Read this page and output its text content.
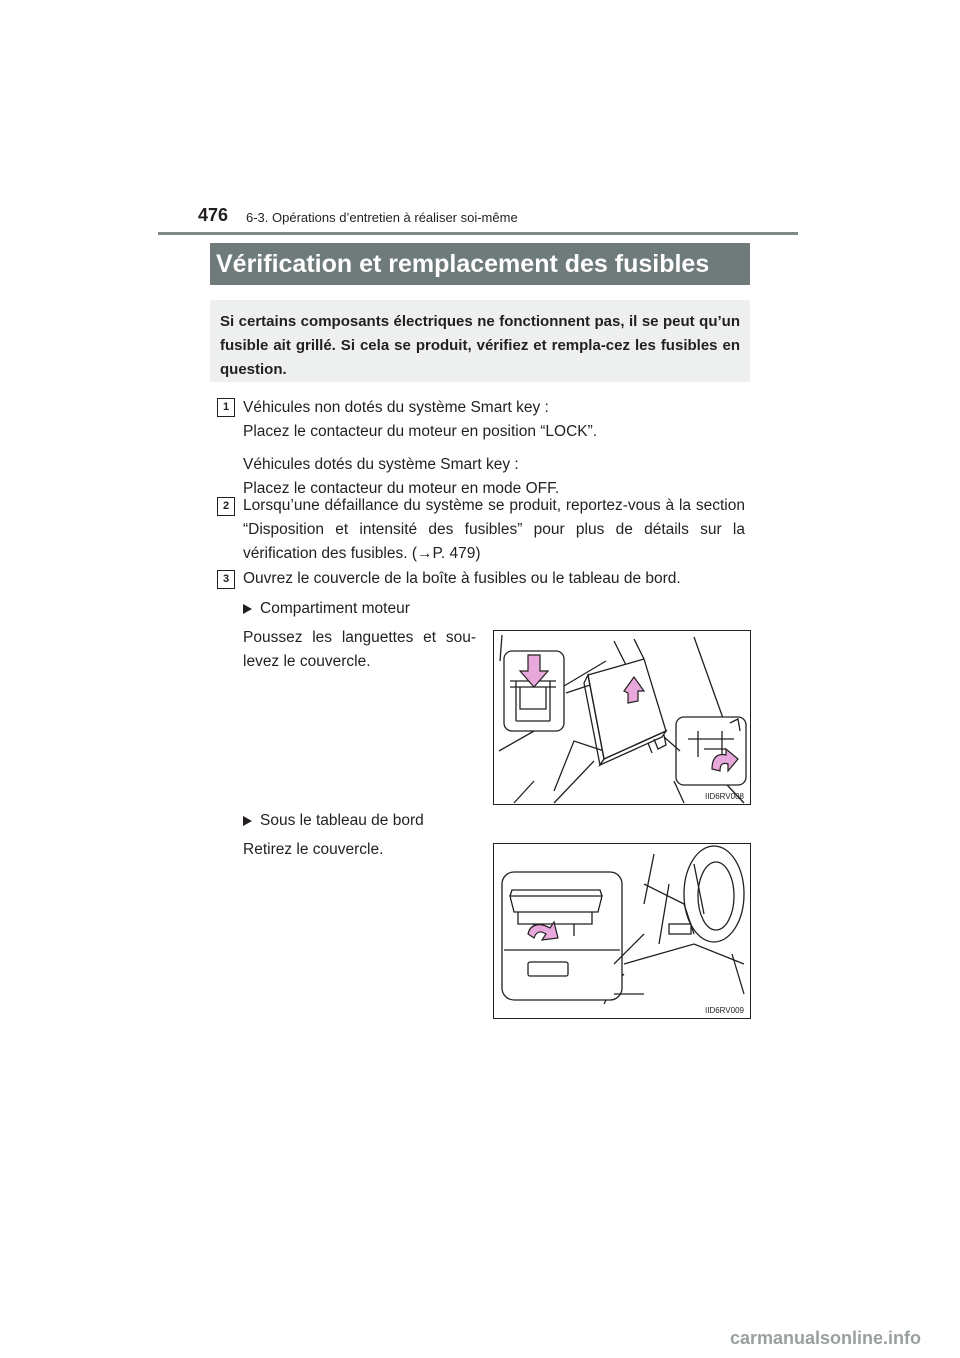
476 6-3. Opérations d’entretien à réaliser soi-même
Vérification et remplacement des fusibles
Si certains composants électriques ne fonctionnent pas, il se peut qu’un fusible ait grillé. Si cela se produit, vérifiez et rempla-cez les fusibles en question.
1 Véhicules non dotés du système Smart key :
Placez le contacteur du moteur en position “LOCK”.
Véhicules dotés du système Smart key :
Placez le contacteur du moteur en mode OFF.
2 Lorsqu’une défaillance du système se produit, reportez-vous à la section “Disposition et intensité des fusibles” pour plus de détails sur la vérification des fusibles. (→P. 479)
3 Ouvrez le couvercle de la boîte à fusibles ou le tableau de bord.
Compartiment moteur
Poussez les languettes et sou-levez le couvercle.
IID6RV008
Sous le tableau de bord
Retirez le couvercle.
IID6RV009
carmanualsonline.info
